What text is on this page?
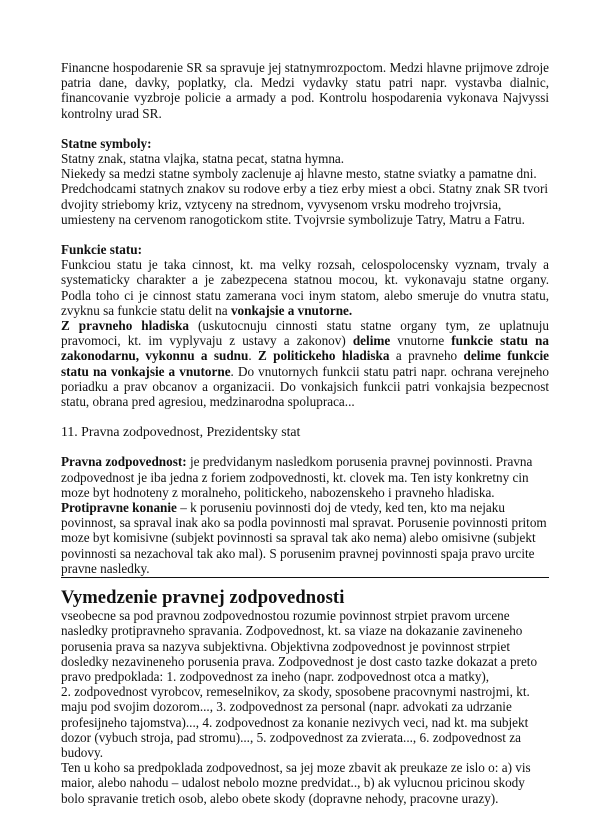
Financne hospodarenie SR sa spravuje jej statnymrozpoctom. Medzi hlavne prijmove zdroje patria dane, davky, poplatky, cla. Medzi vydavky statu patri napr. vystavba dialnic, financovanie vyzbroje policie a armady a pod. Kontrolu hospodarenia vykonava Najvyssi kontrolny urad SR.

Statne symboly:

Statny znak, statna vlajka, statna pecat, statna hymna.

Niekedy sa medzi statne symboly zaclenuje aj hlavne mesto, statne sviatky a pamatne dni. Predchodcami statnych znakov su rodove erby a tiez erby miest a obci. Statny znak SR tvori dvojity striebomy kriz, vztyceny na strednom, vyvysenom vrsku modreho trojvrsia, umiesteny na cervenom ranogotickom stite. Tvojvrsie symbolizuje Tatry, Matru a Fatru.

Funkcie statu:

Funkciou statu je taka cinnost, kt. ma velky rozsah, celospolocensky vyznam, trvaly a systematicky charakter a je zabezpecena statnou mocou, kt. vykonavaju statne organy. Podla toho ci je cinnost statu zamerana voci inym statom, alebo smeruje do vnutra statu, zvyknu sa funkcie statu delit na vonkajsie a vnutorne.

Z pravneho hladiska (uskutocnuju cinnosti statu statne organy tym, ze uplatnuju pravomoci, kt. im vyplyvaju z ustavy a zakonov) delime vnutorne funkcie statu na zakonodarnu, vykonnu a sudnu. Z politickeho hladiska a pravneho delime funkcie statu na vonkajsie a vnutorne. Do vnutornych funkcii statu patri napr. ochrana verejneho poriadku a prav obcanov a organizacii. Do vonkajsich funkcii patri vonkajsia bezpecnost statu, obrana pred agresiou, medzinarodna spolupraca...

11. Pravna zodpovednost, Prezidentsky stat

Pravna zodpovednost: je predvidanym nasledkom porusenia pravnej povinnosti. Pravna zodpovednost je iba jedna z foriem zodpovednosti, kt. clovek ma. Ten isty konkretny cin moze byt hodnoteny z moralneho, politickeho, nabozenskeho i pravneho hladiska.

Protipravne konanie – k poruseniu povinnosti doj de vtedy, ked ten, kto ma nejaku povinnost, sa spraval inak ako sa podla povinnosti mal spravat. Porusenie povinnosti pritom moze byt komisivne (subjekt povinnosti sa spraval tak ako nema) alebo omisivne (subjekt povinnosti sa nezachoval tak ako mal). S porusenim pravnej povinnosti spaja pravo urcite pravne nasledky.

Vymedzenie pravnej zodpovednosti

vseobecne sa pod pravnou zodpovednostou rozumie povinnost strpiet pravom urcene nasledky protipravneho spravania. Zodpovednost, kt. sa viaze na dokazanie zavineneho porusenia prava sa nazyva subjektivna. Objektivna zodpovednost je povinnost strpiet dosledky nezavineneho porusenia prava. Zodpovednost je dost casto tazke dokazat a preto pravo predpoklada: 1. zodpovednost za ineho (napr. zodpovednost otca a matky),

2. zodpovednost vyrobcov, remeselnikov, za skody, sposobene pracovnymi nastrojmi, kt. maju pod svojim dozorom..., 3. zodpovednost za personal (napr. advokati za udrzanie profesijneho tajomstva)..., 4. zodpovednost za konanie nezivych veci, nad kt. ma subjekt dozor (vybuch stroja, pad stromu)..., 5. zodpovednost za zvierata..., 6. zodpovednost za budovy.

Ten u koho sa predpoklada zodpovednost, sa jej moze zbavit ak preukaze ze islo o: a) vis maior, alebo nahodu – udalost nebolo mozne predvidat.., b) ak vylucnou pricinou skody bolo spravanie tretich osob, alebo obete skody (dopravne nehody, pracovne urazy).
